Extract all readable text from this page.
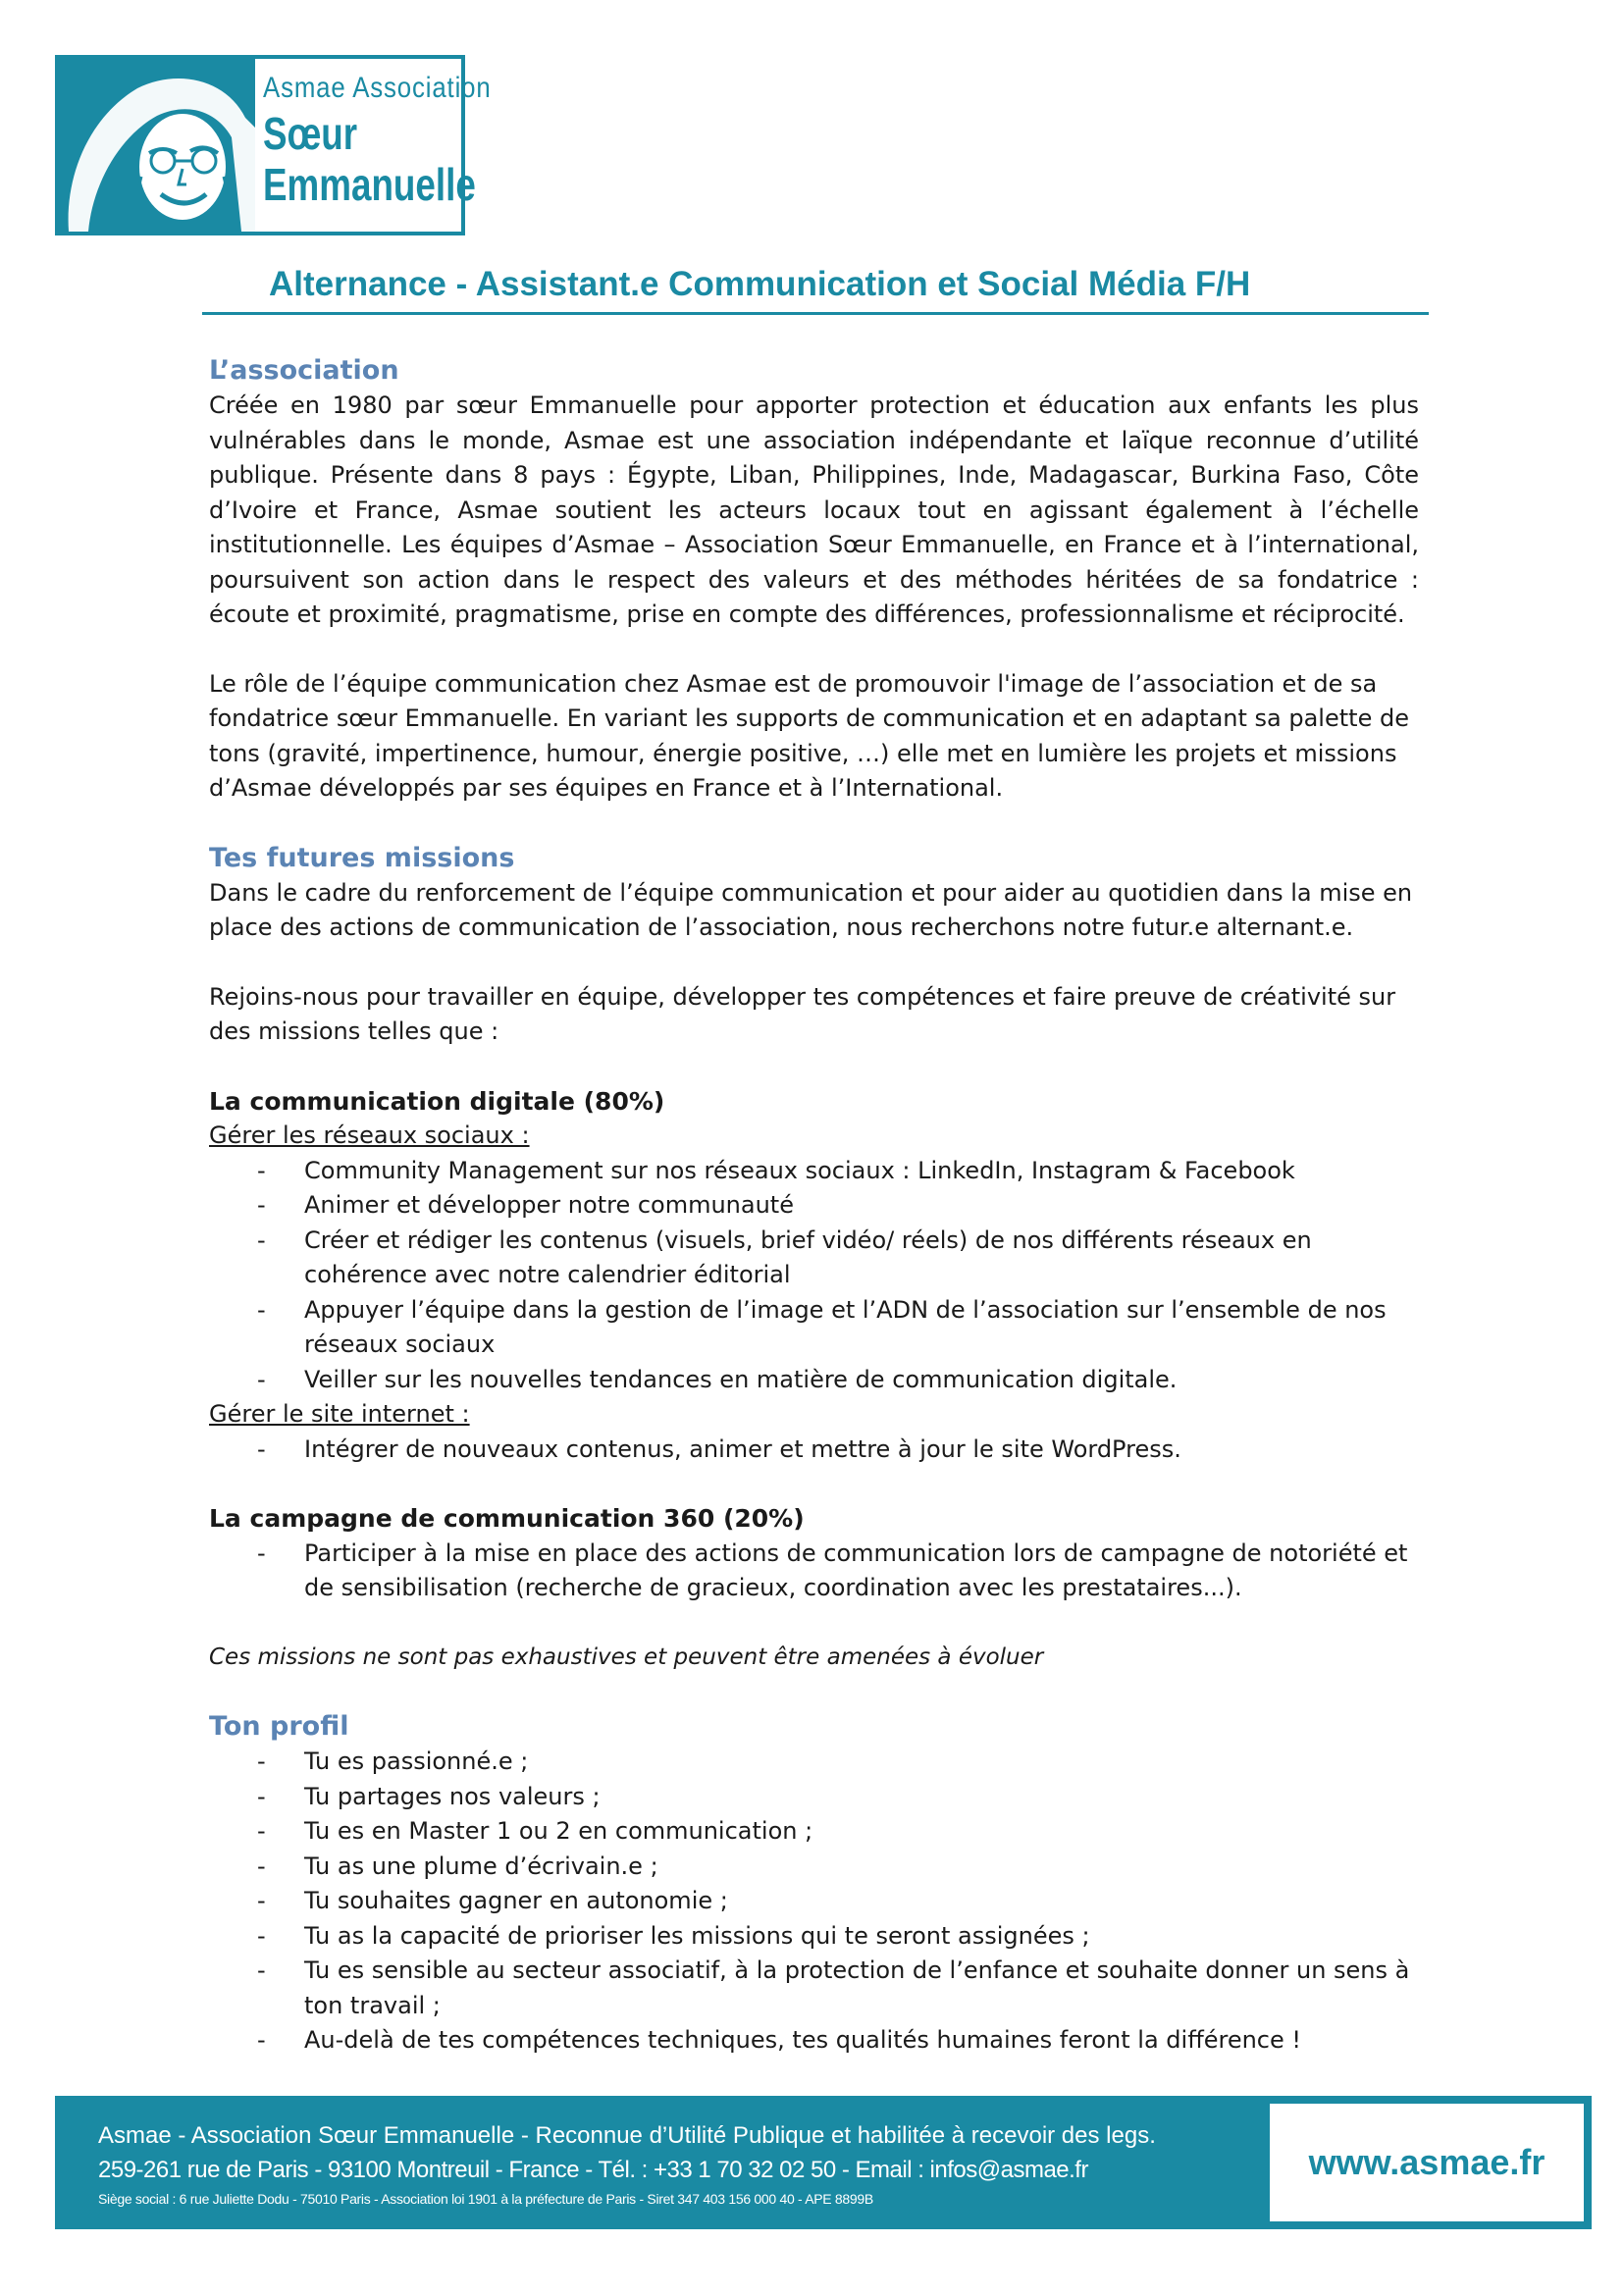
Asmae Association
Sœur
Emmanuelle
Alternance - Assistant.e Communication et Social Média F/H

L’association

Créée en 1980 par sœur Emmanuelle pour apporter protection et éducation aux enfants les plus vulnérables dans le monde, Asmae est une association indépendante et laïque reconnue d’utilité publique. Présente dans 8 pays : Égypte, Liban, Philippines, Inde, Madagascar, Burkina Faso, Côte d’Ivoire et France, Asmae soutient les acteurs locaux tout en agissant également à l’échelle institutionnelle. Les équipes d’Asmae – Association Sœur Emmanuelle, en France et à l’international, poursuivent son action dans le respect des valeurs et des méthodes héritées de sa fondatrice : écoute et proximité, pragmatisme, prise en compte des différences, professionnalisme et réciprocité.

Le rôle de l’équipe communication chez Asmae est de promouvoir l'image de l’association et de sa fondatrice sœur Emmanuelle. En variant les supports de communication et en adaptant sa palette de tons (gravité, impertinence, humour, énergie positive, …) elle met en lumière les projets et missions d’Asmae développés par ses équipes en France et à l’International.

Tes futures missions

Dans le cadre du renforcement de l’équipe communication et pour aider au quotidien dans la mise en place des actions de communication de l’association, nous recherchons notre futur.e alternant.e.

Rejoins-nous pour travailler en équipe, développer tes compétences et faire preuve de créativité sur des missions telles que :

La communication digitale (80%)

Gérer les réseaux sociaux :

- Community Management sur nos réseaux sociaux : LinkedIn, Instagram & Facebook
- Animer et développer notre communauté
- Créer et rédiger les contenus (visuels, brief vidéo/ réels) de nos différents réseaux en cohérence avec notre calendrier éditorial
- Appuyer l’équipe dans la gestion de l’image et l’ADN de l’association sur l’ensemble de nos réseaux sociaux
- Veiller sur les nouvelles tendances en matière de communication digitale.

Gérer le site internet :

- Intégrer de nouveaux contenus, animer et mettre à jour le site WordPress.

La campagne de communication 360 (20%)

- Participer à la mise en place des actions de communication lors de campagne de notoriété et de sensibilisation (recherche de gracieux, coordination avec les prestataires...).

Ces missions ne sont pas exhaustives et peuvent être amenées à évoluer

Ton profil

- Tu es passionné.e ;
- Tu partages nos valeurs ;
- Tu es en Master 1 ou 2 en communication ;
- Tu as une plume d’écrivain.e ;
- Tu souhaites gagner en autonomie ;
- Tu as la capacité de prioriser les missions qui te seront assignées ;
- Tu es sensible au secteur associatif, à la protection de l’enfance et souhaite donner un sens à ton travail ;
- Au-delà de tes compétences techniques, tes qualités humaines feront la différence !
Asmae - Association Sœur Emmanuelle - Reconnue d’Utilité Publique et habilitée à recevoir des legs.
259-261 rue de Paris - 93100 Montreuil - France - Tél. : +33 1 70 32 02 50 - Email : infos@asmae.fr
Siège social : 6 rue Juliette Dodu - 75010 Paris - Association loi 1901 à la préfecture de Paris - Siret 347 403 156 000 40 - APE 8899B
www.asmae.fr
